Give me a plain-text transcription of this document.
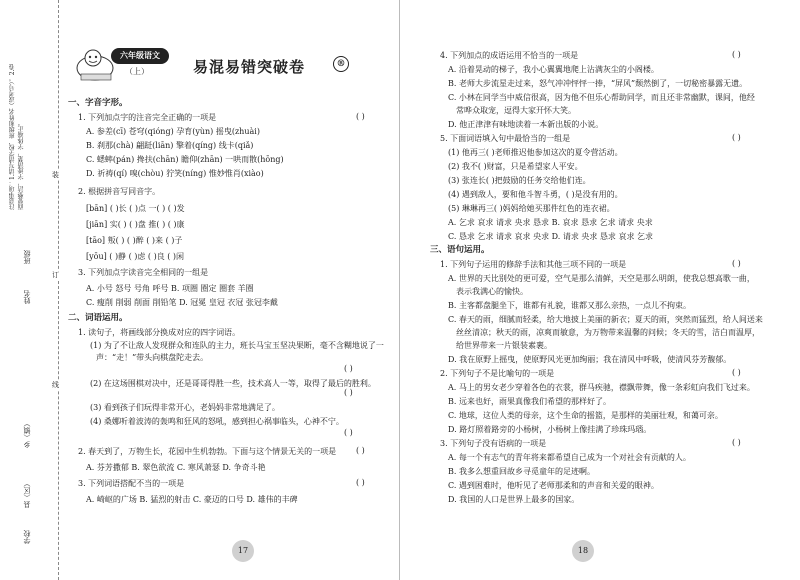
注意事项：1.请写清学校、班级和姓名（或考号）。2.卷面要整洁，字迹清楚，字体端正。
班级
姓名
乡（镇）
县（区）
学校
装
订
线
六年级语文
（上）	易混易错突破卷	®
一、字音字形。
1. 下列加点字的注音完全正确的一项是
A. 参差(cī) 苍穹(qióng) 孕育(yùn) 摇曳(zhuài)
B. 刹那(chà) 翩跹(liān) 擎着(qíng) 线卡(qiǎ)
C. 蟋蟀(pán) 搀扶(chān) 瞻仰(zhān) 一哄而散(hōng)
D. 祈祷(qí) 嗅(chòu) 狞笑(níng) 惟妙惟肖(xiào)
2. 根据拼音写同音字。
[bān] ( )长 ( )点 一( ) ( )发
[jiān] 实( ) ( )盘 推( ) ( )康
[tāo] 叛( ) ( )醉 ( )来 ( )子
[yōu] ( )静 ( )虑 ( )良 ( )闲
3. 下列加点字读音完全相同的一组是
A. 小号 怒号 号角 呼号 B. 项圈 圈定 圈套 羊圈
C. 瘦削 削弱 削面 削铅笔 D. 冠冕 皇冠 衣冠 张冠李戴
二、词语运用。
1. 读句子，将画线部分换成对应的四字词语。
(1) 为了不让敌人发现群众和连队的主力，班长马宝玉坚决果断，毫不含糊地说了一
声：“走！”带头向棋盘陀走去。
(2) 在这场围棋对决中，还是哥哥得胜一些，技术高人一等，取得了最后的胜利。
(3) 看到孩子们玩得非常开心，老妈妈非常地满足了。
(4) 桑娜听着波涛的轰鸣和狂风的怒吼，感到担心祸事临头，心神不宁。
2. 春天到了，万物生长，花园中生机勃勃。下面与这个情景无关的一项是
A. 芬芳撒郁 B. 翠色欲流 C. 寒风萧瑟 D. 争奇斗艳
3. 下列词语搭配不当的一项是
A. 崎岖的广场 B. 猛烈的射击 C. 豪迈的口号 D. 雄伟的丰碑
( )
( )
( )
( )
( )
( )
17
4. 下列加点的成语运用不恰当的一项是
A. 沿着晃动的梯子，我小心翼翼地爬上沾满灰尘的小阁楼。
B. 老师大步流星走过来，怒气冲冲怦怦一捧，“屏风”颓然倒了，一切秘密暴露无遗。
C. 小林在同学当中威信很高，因为他不但乐心帮助同学，而且还非常幽默，课间，他经
常哗众取宠，逗得大家开怀大笑。
D. 他正津津有味地读着一本新出版的小说。
5. 下面词语填入句中最恰当的一组是
(1) 他再三( )老师推迟他参加这次的夏令营活动。
(2) 我不( )财富，只是希望家人平安。
(3) 张连长( )把鼓励的任务交给他们连。
(4) 遇到敌人，要和他斗智斗勇，( )是没有用的。
(5) 琳琳再三( )妈妈给她买那件红色的连衣裙。
A. 乞求 哀求 请求 央求 恳求 B. 哀求 恳求 乞求 请求 央求
C. 恳求 乞求 请求 哀求 央求 D. 请求 央求 恳求 哀求 乞求
三、语句运用。
1. 下列句子运用的修辞手法和其他三项不同的一项是
A. 世界的天比别处的更可爱，空气是那么清鲜，天空是那么明朗，使我总想高歌一曲，
表示我满心的愉快。
B. 主客都盘腿坐下，谁都有礼貌，谁都又那么亲热，一点儿不拘束。
C. 春天的雨，细腻而轻柔，给大地披上美丽的新衣；夏天的雨，突然而猛烈，给人间送来
丝丝清凉；秋天的雨，凉爽而敏意，为万物带来温馨的问候；冬天的雪，洁白而温厚，
给世界带来一片银装素裹。
D. 我在原野上摇曳，使原野风光更加绚丽；我在清风中呼吸，使清风芬芳馥郁。
2. 下列句子不是比喻句的一项是
A. 马上的男女老少穿着各色的衣裳，群马疾驰，襟飘带舞，像一条彩虹向我们飞过来。
B. 远来也好，雨果真像我们希望的那样好了。
C. 地球，这位人类的母亲，这个生命的摇篮，是那样的美丽壮观，和蔼可亲。
D. 路灯照着路旁的小杨树，小杨树上像挂满了珍珠玛瑙。
3. 下列句子没有语病的一项是
A. 每一个有志气的青年将来都希望自己成为一个对社会有贡献的人。
B. 我多么想重回故乡寻觅童年的足迹啊。
C. 遇到困难时，他听见了老师那柔和的声音和关爱的眼神。
D. 我国的人口是世界上最多的国家。
( )
( )
( )
( )
( )
18
